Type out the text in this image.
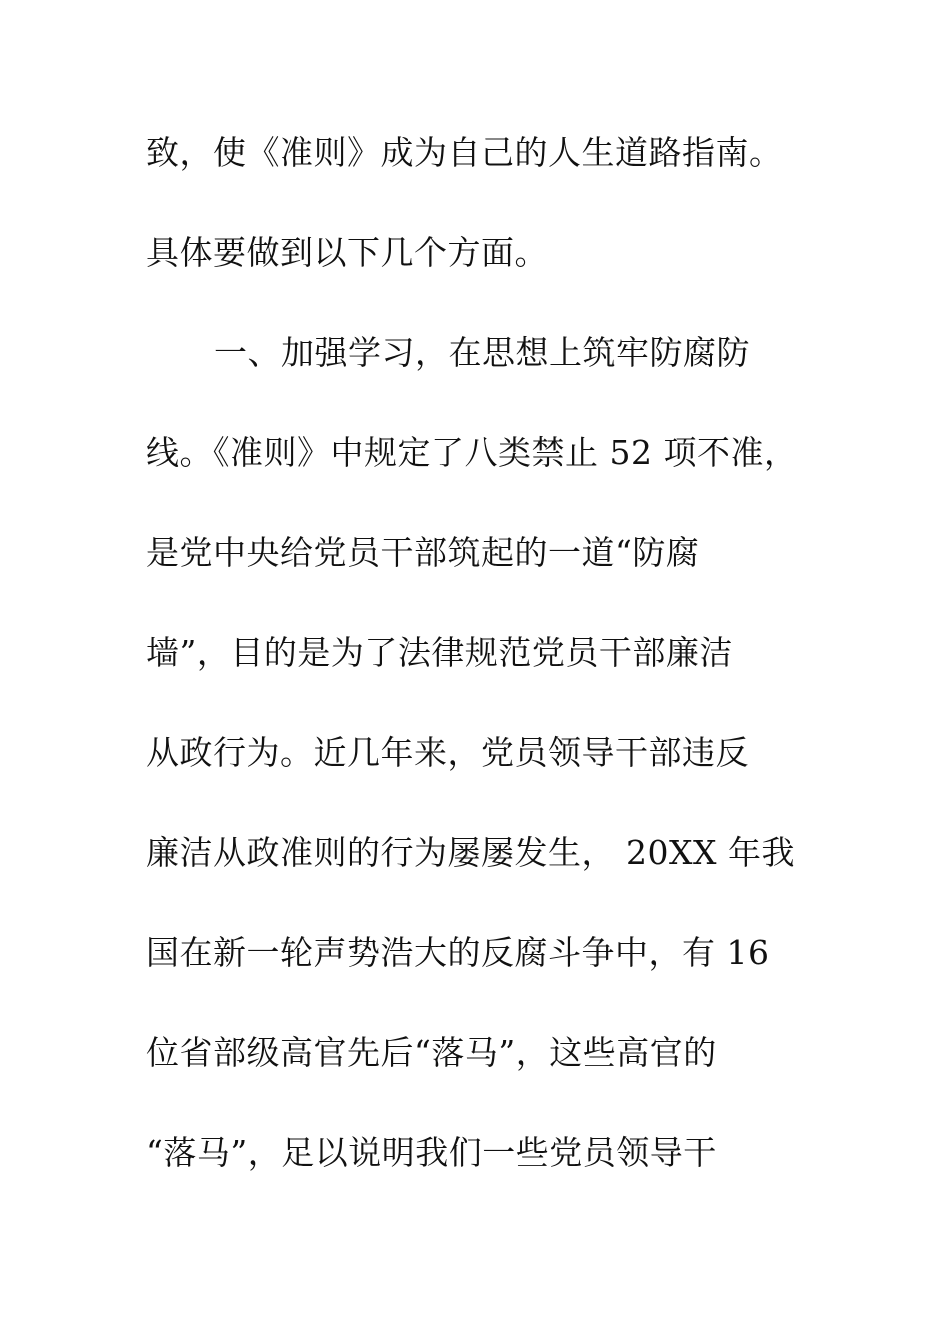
致，使《准则》成为自己的人生道路指南。
具体要做到以下几个方面。
一、加强学习，在思想上筑牢防腐防
线。《准则》中规定了八类禁止 52 项不准，
是党中央给党员干部筑起的一道“防腐
墙”，目的是为了法律规范党员干部廉洁
从政行为。近几年来，党员领导干部违反
廉洁从政准则的行为屡屡发生， 20XX 年我
国在新一轮声势浩大的反腐斗争中，有 16
位省部级高官先后“落马”，这些高官的
“落马”，足以说明我们一些党员领导干
